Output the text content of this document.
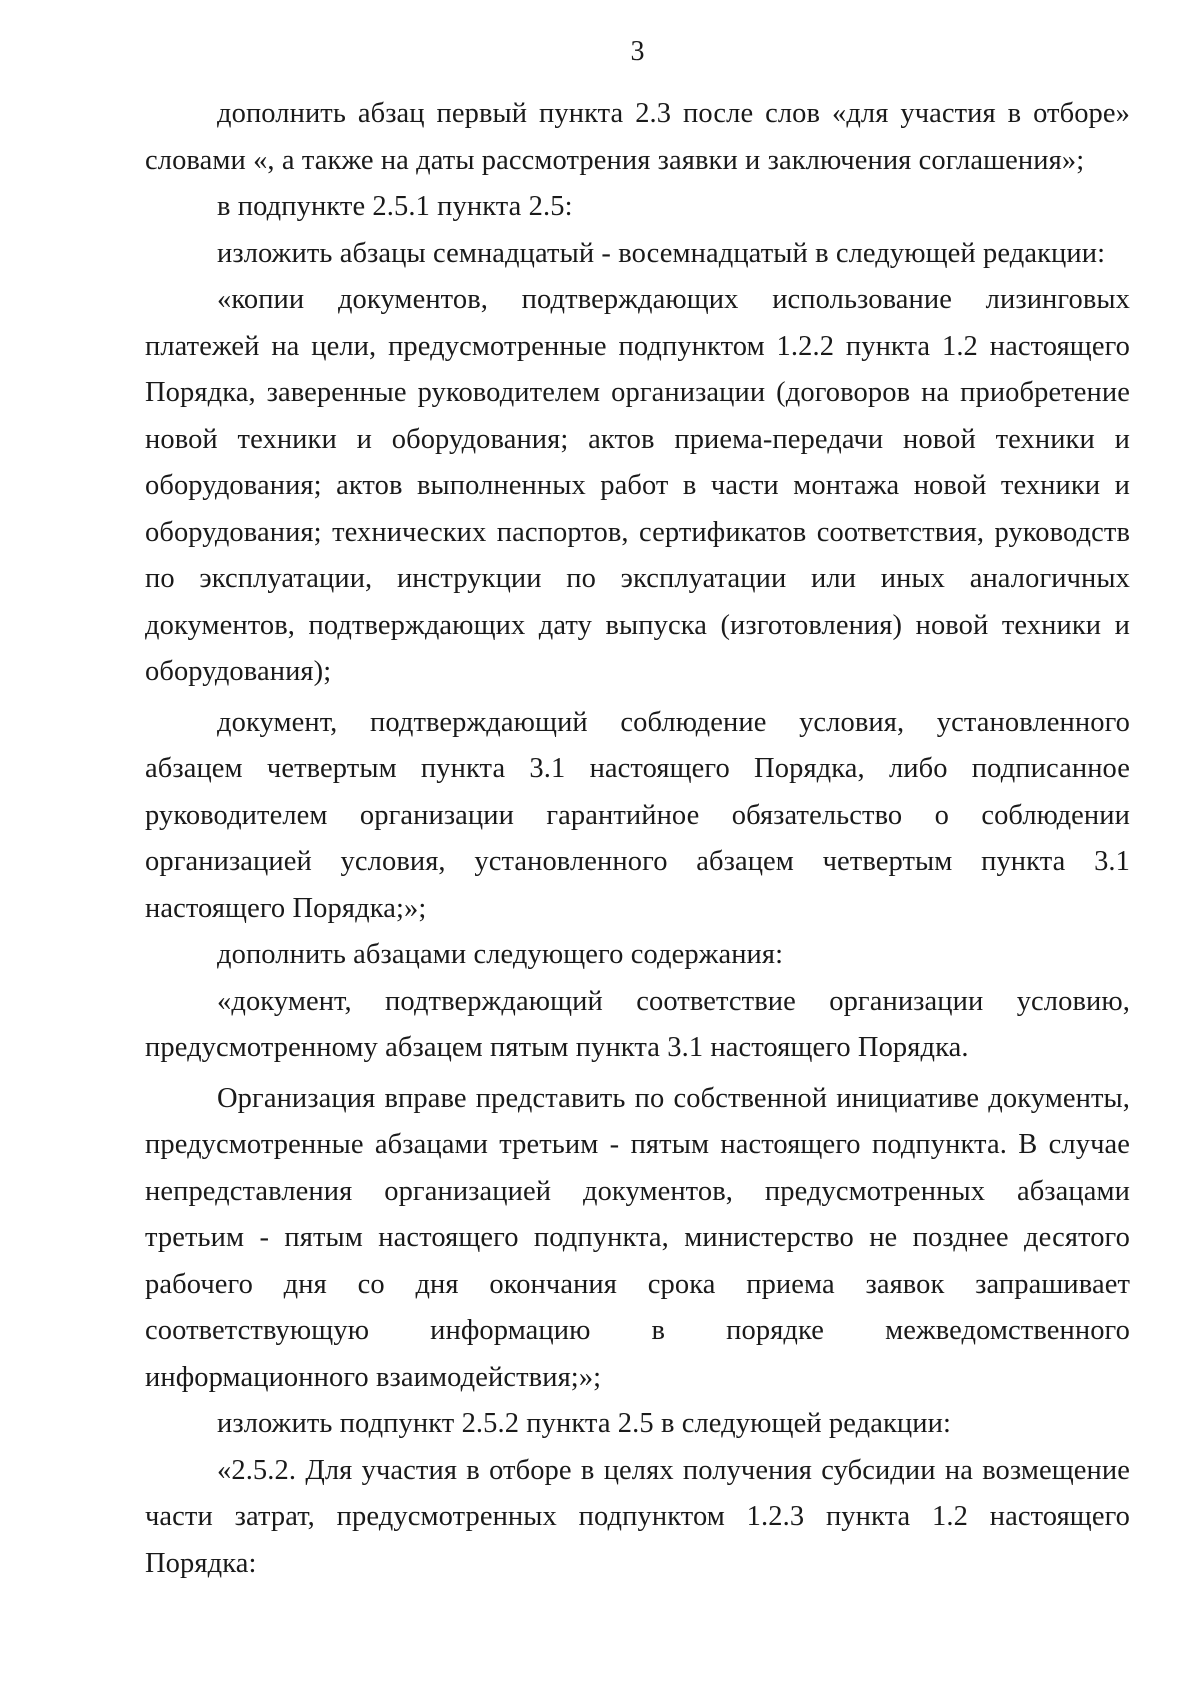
3

дополнить абзац первый пункта 2.3 после слов «для участия в отборе» словами «, а также на даты рассмотрения заявки и заключения соглашения»;

в подпункте 2.5.1 пункта 2.5:

изложить абзацы семнадцатый - восемнадцатый в следующей редакции:

«копии документов, подтверждающих использование лизинговых платежей на цели, предусмотренные подпунктом 1.2.2 пункта 1.2 настоящего Порядка, заверенные руководителем организации (договоров на приобретение новой техники и оборудования; актов приема-передачи новой техники и оборудования; актов выполненных работ в части монтажа новой техники и оборудования; технических паспортов, сертификатов соответствия, руководств по эксплуатации, инструкции по эксплуатации или иных аналогичных документов, подтверждающих дату выпуска (изготовления) новой техники и оборудования);

документ, подтверждающий соблюдение условия, установленного абзацем четвертым пункта 3.1 настоящего Порядка, либо подписанное руководителем организации гарантийное обязательство о соблюдении организацией условия, установленного абзацем четвертым пункта 3.1 настоящего Порядка;»;

дополнить абзацами следующего содержания:

«документ, подтверждающий соответствие организации условию, предусмотренному абзацем пятым пункта 3.1 настоящего Порядка.

Организация вправе представить по собственной инициативе документы, предусмотренные абзацами третьим - пятым настоящего подпункта. В случае непредставления организацией документов, предусмотренных абзацами третьим - пятым настоящего подпункта, министерство не позднее десятого рабочего дня со дня окончания срока приема заявок запрашивает соответствующую информацию в порядке межведомственного информационного взаимодействия;»;

изложить подпункт 2.5.2 пункта 2.5 в следующей редакции:

«2.5.2. Для участия в отборе в целях получения субсидии на возмещение части затрат, предусмотренных подпунктом 1.2.3 пункта 1.2 настоящего Порядка:
